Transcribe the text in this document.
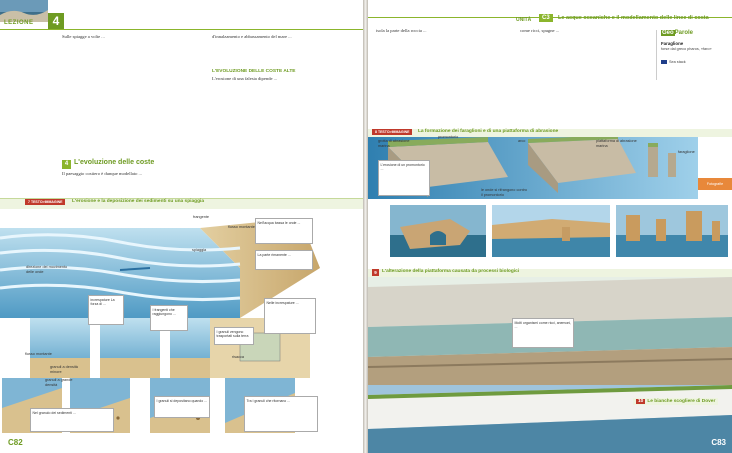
LEZIONE	4
Sulle spiagge a volte ...
4 L'evoluzione delle coste
Il paesaggio costiero è dunque modellato ...
d'innalzamento e abbassamento del mare ...
L'EVOLUZIONE DELLE COSTE ALTE
L'erosione di una falesia dipende ...
7 TESTO>IMMAGINE	L'erosione e la deposizione dei sedimenti su una spiaggia
frangente
flusso montante
spiaggia
direzione del movimento delle onde
flusso montante
granuli a grande densità
granuli a densità minore
risacca
Nell'acqua bassa le onde ...
La parte rimanente ...
increspature La forza di ...
I frangenti che raggiungono ...
I granuli vengono trasportati sulla terra
Nelle increspature ...
Nel granulo dei sedimenti ...
I granuli si depositano quando ...	Tra i granuli che ritornano ...
C82
UNITÀ	C3	Le acque oceaniche e il modellamento delle linee di costa
isola la parte della roccia ...	come ricci, spugne ...	GeoParole
Faraglione
forse dal greco pharos, «faro»
Sea stack
8 TESTO>IMMAGINE	La formazione dei faraglioni e di una piattaforma di abrasione
grotta di abrasione marina
promontorio
arco	piattaforma di abrasione marina
faraglione
L'erosione di un promontorio ...
le onde si rifrangono contro il promontorio
Fotografie
9	L'alterazione della piattaforma causata da processi biologici
Molti organismi come ricci, anemoni, ...
10 Le bianche scogliere di Dover
C83
